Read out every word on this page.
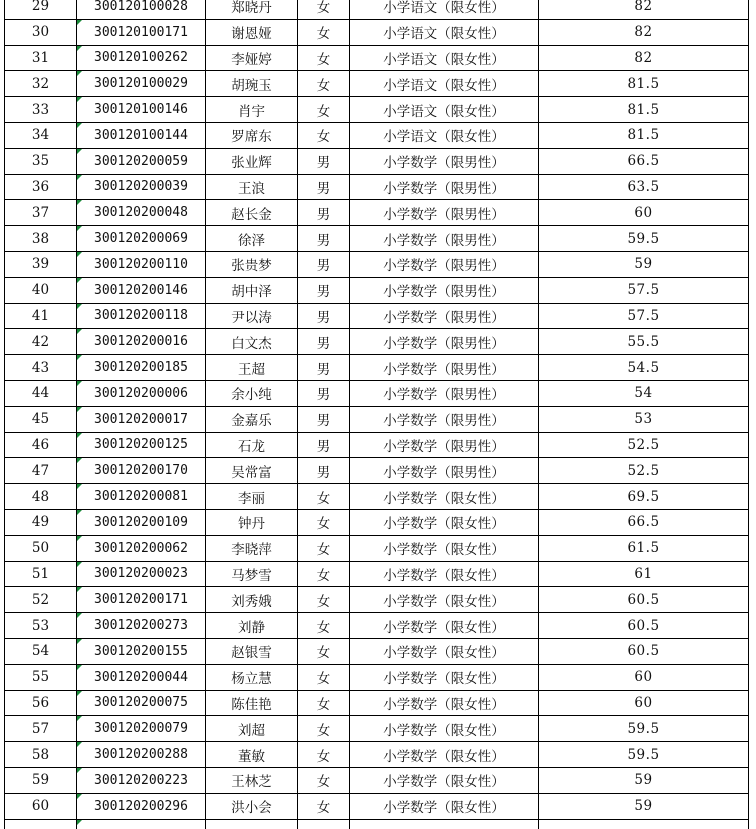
29	300120100028	郑晓丹	女	小学语文（限女性）	82
30	300120100171	谢恩娅	女	小学语文（限女性）	82
31	300120100262	李娅婷	女	小学语文（限女性）	82
32	300120100029	胡琬玉	女	小学语文（限女性）	81.5
33	300120100146	肖宇	女	小学语文（限女性）	81.5
34	300120100144	罗席东	女	小学语文（限女性）	81.5
35	300120200059	张业辉	男	小学数学（限男性）	66.5
36	300120200039	王浪	男	小学数学（限男性）	63.5
37	300120200048	赵长金	男	小学数学（限男性）	60
38	300120200069	徐泽	男	小学数学（限男性）	59.5
39	300120200110	张贵梦	男	小学数学（限男性）	59
40	300120200146	胡中泽	男	小学数学（限男性）	57.5
41	300120200118	尹以涛	男	小学数学（限男性）	57.5
42	300120200016	白文杰	男	小学数学（限男性）	55.5
43	300120200185	王超	男	小学数学（限男性）	54.5
44	300120200006	余小纯	男	小学数学（限男性）	54
45	300120200017	金嘉乐	男	小学数学（限男性）	53
46	300120200125	石龙	男	小学数学（限男性）	52.5
47	300120200170	吴常富	男	小学数学（限男性）	52.5
48	300120200081	李丽	女	小学数学（限女性）	69.5
49	300120200109	钟丹	女	小学数学（限女性）	66.5
50	300120200062	李晓萍	女	小学数学（限女性）	61.5
51	300120200023	马梦雪	女	小学数学（限女性）	61
52	300120200171	刘秀娥	女	小学数学（限女性）	60.5
53	300120200273	刘静	女	小学数学（限女性）	60.5
54	300120200155	赵银雪	女	小学数学（限女性）	60.5
55	300120200044	杨立慧	女	小学数学（限女性）	60
56	300120200075	陈佳艳	女	小学数学（限女性）	60
57	300120200079	刘超	女	小学数学（限女性）	59.5
58	300120200288	董敏	女	小学数学（限女性）	59.5
59	300120200223	王林芝	女	小学数学（限女性）	59
60	300120200296	洪小会	女	小学数学（限女性）	59
